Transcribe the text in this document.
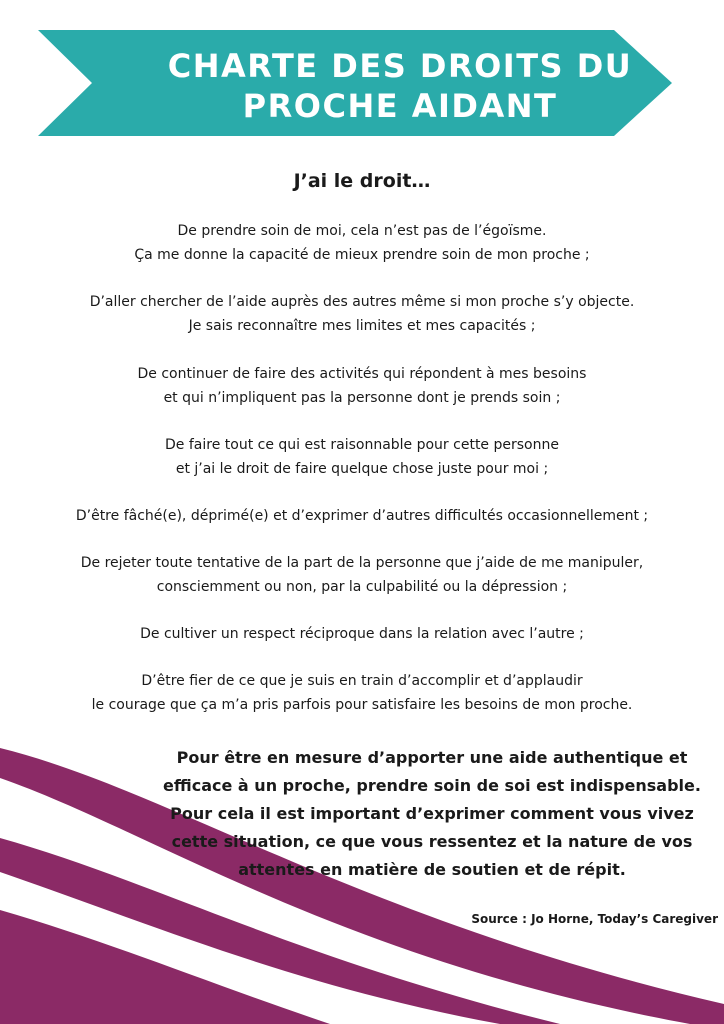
CHARTE DES DROITS DU
PROCHE AIDANT

J’ai le droit…

De prendre soin de moi, cela n’est pas de l’égoïsme.
Ça me donne la capacité de mieux prendre soin de mon proche ;

D’aller chercher de l’aide auprès des autres même si mon proche s’y objecte.
Je sais reconnaître mes limites et mes capacités ;

De continuer de faire des activités qui répondent à mes besoins
et qui n’impliquent pas la personne dont je prends soin ;

De faire tout ce qui est raisonnable pour cette personne
et j’ai le droit de faire quelque chose juste pour moi ;

D’être fâché(e), déprimé(e) et d’exprimer d’autres difficultés occasionnellement ;

De rejeter toute tentative de la part de la personne que j’aide de me manipuler,
consciemment ou non, par la culpabilité ou la dépression ;

De cultiver un respect réciproque dans la relation avec l’autre ;

D’être fier de ce que je suis en train d’accomplir et d’applaudir
le courage que ça m’a pris parfois pour satisfaire les besoins de mon proche.

Pour être en mesure d’apporter une aide authentique et
efficace à un proche, prendre soin de soi est indispensable.
Pour cela il est important d’exprimer comment vous vivez
cette situation, ce que vous ressentez et la nature de vos
attentes en matière de soutien et de répit.

Source : Jo Horne, Today’s Caregiver
